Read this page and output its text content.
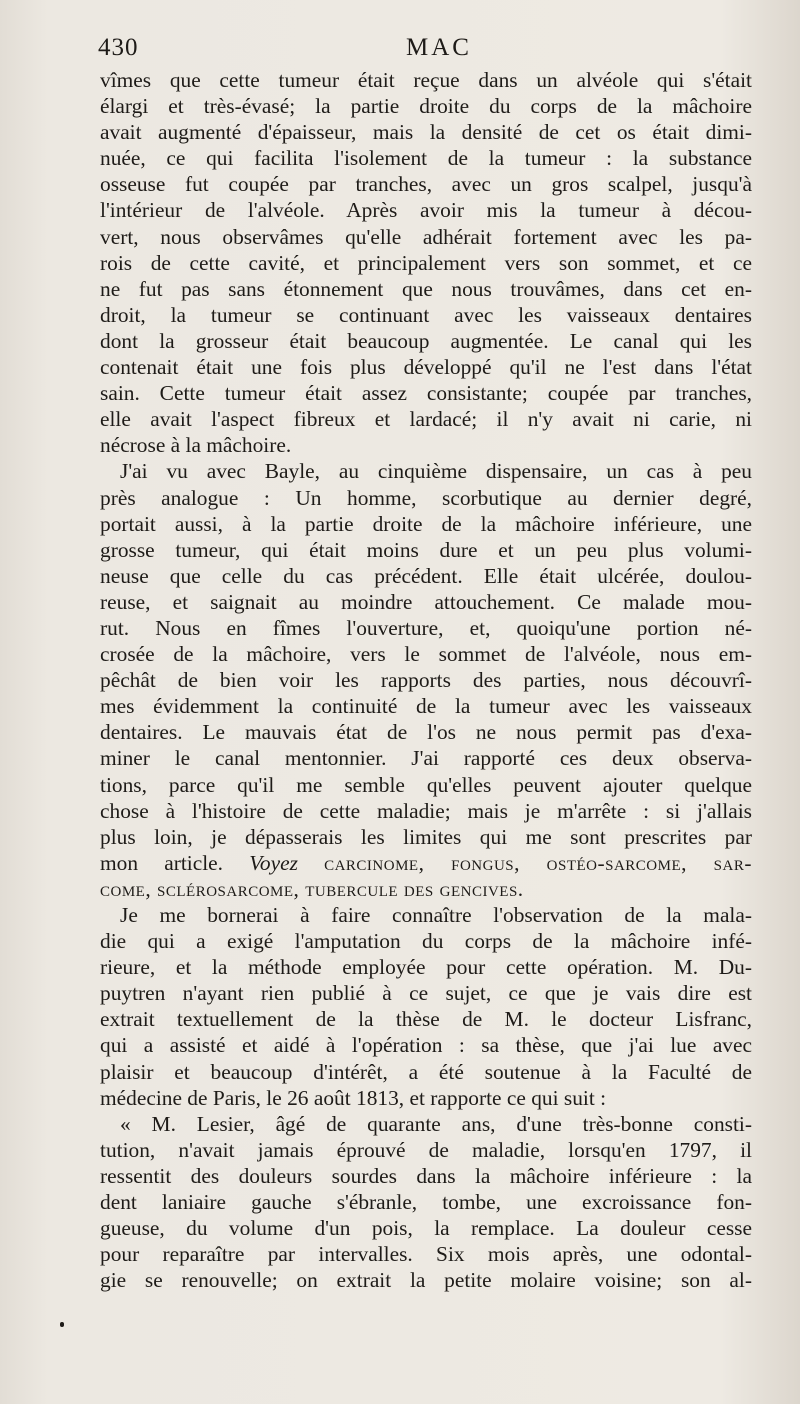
430	MAC
vîmes que cette tumeur était reçue dans un alvéole qui s'était
élargi et très-évasé; la partie droite du corps de la mâchoire
avait augmenté d'épaisseur, mais la densité de cet os était dimi-
nuée, ce qui facilita l'isolement de la tumeur : la substance
osseuse fut coupée par tranches, avec un gros scalpel, jusqu'à
l'intérieur de l'alvéole. Après avoir mis la tumeur à décou-
vert, nous observâmes qu'elle adhérait fortement avec les pa-
rois de cette cavité, et principalement vers son sommet, et ce
ne fut pas sans étonnement que nous trouvâmes, dans cet en-
droit, la tumeur se continuant avec les vaisseaux dentaires
dont la grosseur était beaucoup augmentée. Le canal qui les
contenait était une fois plus développé qu'il ne l'est dans l'état
sain. Cette tumeur était assez consistante; coupée par tranches,
elle avait l'aspect fibreux et lardacé; il n'y avait ni carie, ni
nécrose à la mâchoire.
J'ai vu avec Bayle, au cinquième dispensaire, un cas à peu
près analogue : Un homme, scorbutique au dernier degré,
portait aussi, à la partie droite de la mâchoire inférieure, une
grosse tumeur, qui était moins dure et un peu plus volumi-
neuse que celle du cas précédent. Elle était ulcérée, doulou-
reuse, et saignait au moindre attouchement. Ce malade mou-
rut. Nous en fîmes l'ouverture, et, quoiqu'une portion né-
crosée de la mâchoire, vers le sommet de l'alvéole, nous em-
pêchât de bien voir les rapports des parties, nous découvrî-
mes évidemment la continuité de la tumeur avec les vaisseaux
dentaires. Le mauvais état de l'os ne nous permit pas d'exa-
miner le canal mentonnier. J'ai rapporté ces deux observa-
tions, parce qu'il me semble qu'elles peuvent ajouter quelque
chose à l'histoire de cette maladie; mais je m'arrête : si j'allais
plus loin, je dépasserais les limites qui me sont prescrites par
mon article. Voyez carcinome, fongus, ostéo-sarcome, sar-
come, sclérosarcome, tubercule des gencives.
Je me bornerai à faire connaître l'observation de la mala-
die qui a exigé l'amputation du corps de la mâchoire infé-
rieure, et la méthode employée pour cette opération. M. Du-
puytren n'ayant rien publié à ce sujet, ce que je vais dire est
extrait textuellement de la thèse de M. le docteur Lisfranc,
qui a assisté et aidé à l'opération : sa thèse, que j'ai lue avec
plaisir et beaucoup d'intérêt, a été soutenue à la Faculté de
médecine de Paris, le 26 août 1813, et rapporte ce qui suit :
« M. Lesier, âgé de quarante ans, d'une très-bonne consti-
tution, n'avait jamais éprouvé de maladie, lorsqu'en 1797, il
ressentit des douleurs sourdes dans la mâchoire inférieure : la
dent laniaire gauche s'ébranle, tombe, une excroissance fon-
gueuse, du volume d'un pois, la remplace. La douleur cesse
pour reparaître par intervalles. Six mois après, une odontal-
gie se renouvelle; on extrait la petite molaire voisine; son al-
